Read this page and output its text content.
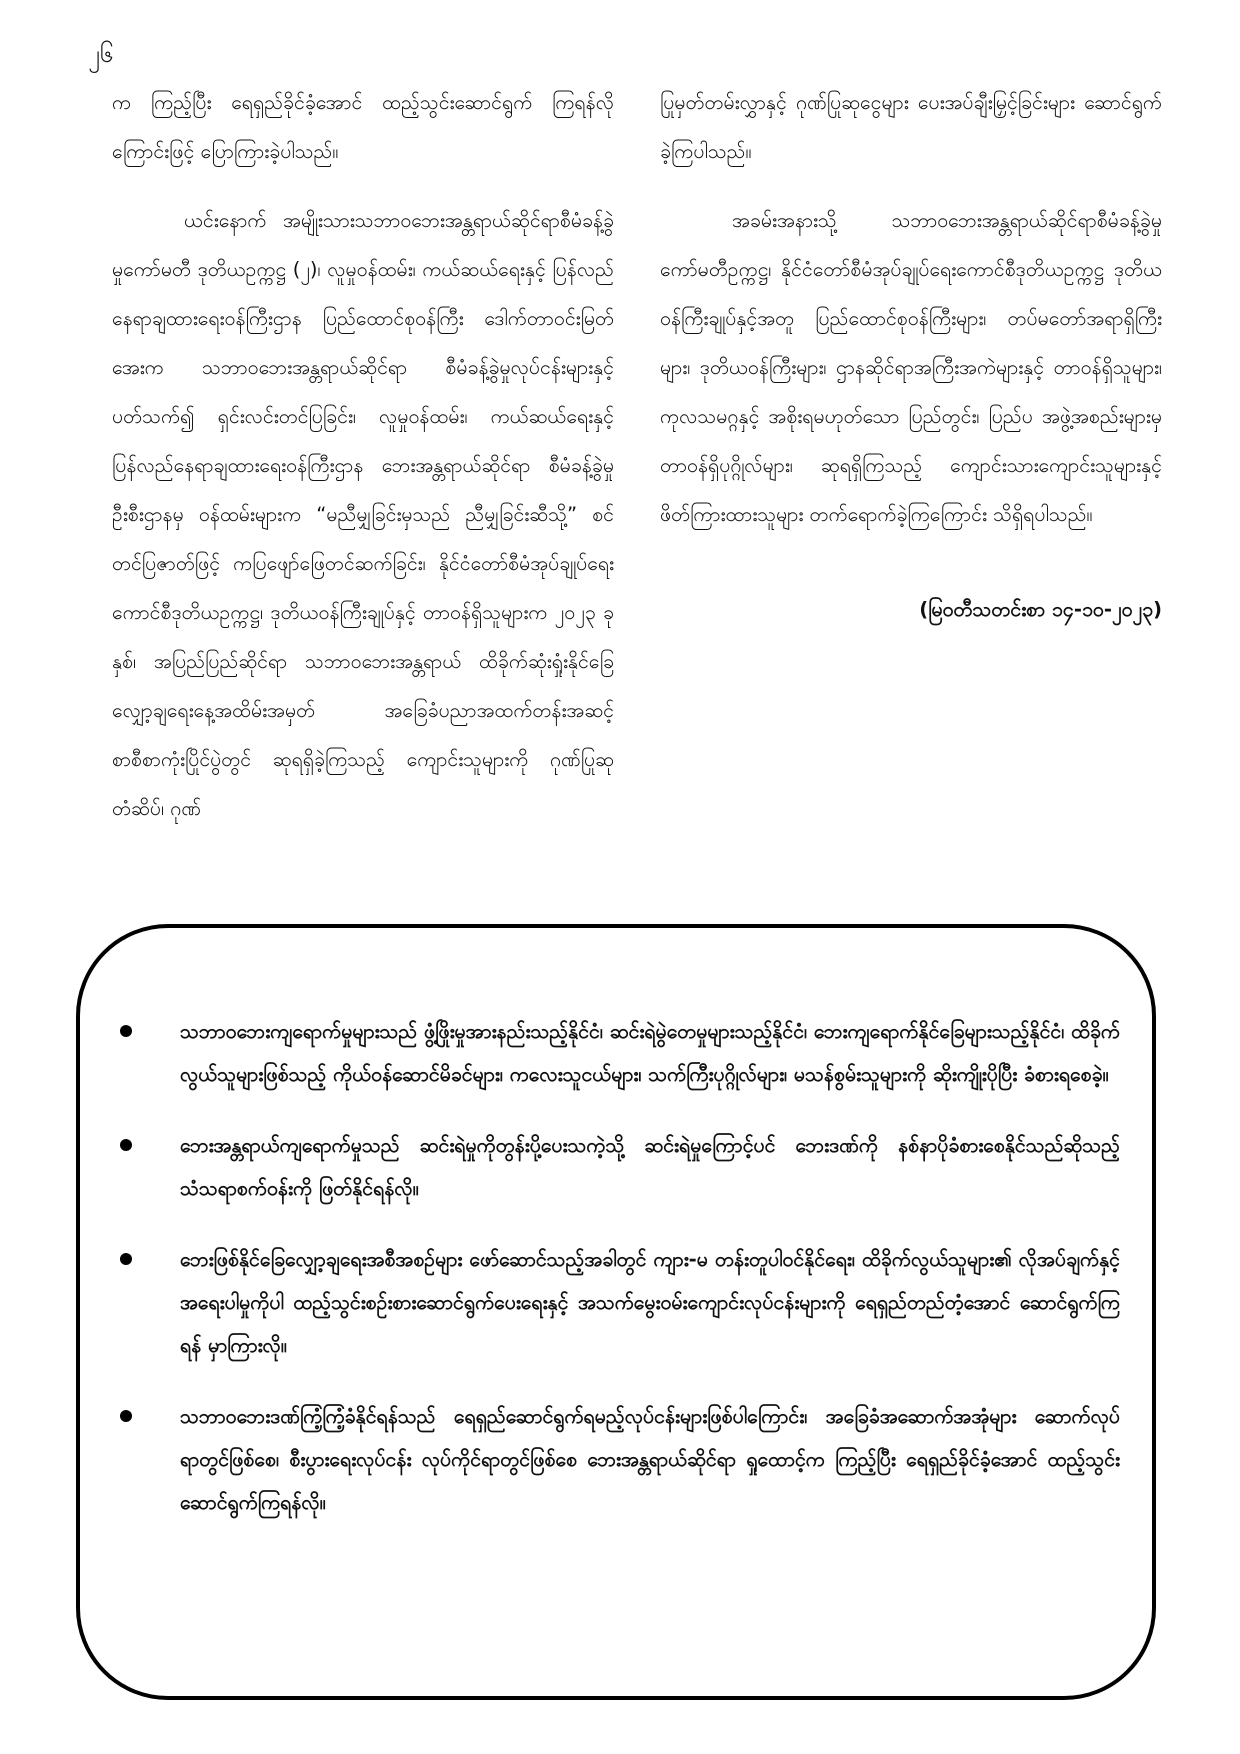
၂၆

က ကြည့်ပြီး ရေရှည်ခိုင်ခံ့အောင် ထည့်သွင်းဆောင်ရွက် ကြရန်လိုကြောင်းဖြင့် ပြောကြားခဲ့ပါသည်။

ယင်းနောက် အမျိုးသားသဘာဝဘေးအန္တရာယ်ဆိုင်ရာစီမံခန့်ခွဲမှုကော်မတီ ဒုတိယဥက္ကဋ္ဌ (၂)၊ လူမှုဝန်ထမ်း၊ ကယ်ဆယ်ရေးနှင့် ပြန်လည်နေရာချထားရေးဝန်ကြီးဌာန ပြည်ထောင်စုဝန်ကြီး ဒေါက်တာဝင်းမြတ်အေးက သဘာဝဘေးအန္တရာယ်ဆိုင်ရာ စီမံခန့်ခွဲမှုလုပ်ငန်းများနှင့်ပတ်သက်၍ ရှင်းလင်းတင်ပြခြင်း၊ လူမှုဝန်ထမ်း၊ ကယ်ဆယ်ရေးနှင့် ပြန်လည်နေရာချထားရေးဝန်ကြီးဌာန ဘေးအန္တရာယ်ဆိုင်ရာ စီမံခန့်ခွဲမှုဦးစီးဌာနမှ ဝန်ထမ်းများက “မညီမျှခြင်းမှသည် ညီမျှခြင်းဆီသို့” စင်တင်ပြဇာတ်ဖြင့် ကပြဖျော်ဖြေတင်ဆက်ခြင်း၊ နိုင်ငံတော်စီမံအုပ်ချုပ်ရေးကောင်စီဒုတိယဥက္ကဋ္ဌ၊ ဒုတိယဝန်ကြီးချုပ်နှင့် တာဝန်ရှိသူများက ၂၀၂၃ ခုနှစ်၊ အပြည်ပြည်ဆိုင်ရာ သဘာဝဘေးအန္တရာယ် ထိခိုက်ဆုံးရှုံးနိုင်ခြေလျှော့ချရေးနေ့အထိမ်းအမှတ် အခြေခံပညာအထက်တန်းအဆင့် စာစီစာကုံးပြိုင်ပွဲတွင် ဆုရရှိခဲ့ကြသည့် ကျောင်းသူများကို ဂုဏ်ပြုဆုတံဆိပ်၊ ဂုဏ်

ပြုမှတ်တမ်းလွှာနှင့် ဂုဏ်ပြုဆုငွေများ ပေးအပ်ချီးမြှင့်ခြင်းများ ဆောင်ရွက်ခဲ့ကြပါသည်။

အခမ်းအနားသို့ သဘာဝဘေးအန္တရာယ်ဆိုင်ရာစီမံခန့်ခွဲမှုကော်မတီဥက္ကဋ္ဌ၊ နိုင်ငံတော်စီမံအုပ်ချုပ်ရေးကောင်စီဒုတိယဥက္ကဋ္ဌ ဒုတိယဝန်ကြီးချုပ်နှင့်အတူ ပြည်ထောင်စုဝန်ကြီးများ၊ တပ်မတော်အရာရှိကြီးများ၊ ဒုတိယဝန်ကြီးများ၊ ဌာနဆိုင်ရာအကြီးအကဲများနှင့် တာဝန်ရှိသူများ၊ ကုလသမဂ္ဂနှင့် အစိုးရမဟုတ်သော ပြည်တွင်း၊ ပြည်ပ အဖွဲ့အစည်းများမှ တာဝန်ရှိပုဂ္ဂိုလ်များ၊ ဆုရရှိကြသည့် ကျောင်းသားကျောင်းသူများနှင့် ဖိတ်ကြားထားသူများ တက်ရောက်ခဲ့ကြကြောင်း သိရှိရပါသည်။

(မြဝတီသတင်းစာ ၁၄-၁၀-၂၀၂၃)
သဘာဝဘေးကျရောက်မှုများသည် ဖွံ့ဖြိုးမှုအားနည်းသည့်နိုင်ငံ၊ ဆင်းရဲမွဲတေမှုများသည့်နိုင်ငံ၊ ဘေးကျရောက်နိုင်ခြေများသည့်နိုင်ငံ၊ ထိခိုက်လွယ်သူများဖြစ်သည့် ကိုယ်ဝန်ဆောင်မိခင်များ၊ ကလေးသူငယ်များ၊ သက်ကြီးပုဂ္ဂိုလ်များ၊ မသန်စွမ်းသူများကို ဆိုးကျိုးပိုပြီး ခံစားရစေခဲ့။
ဘေးအန္တရာယ်ကျရောက်မှုသည် ဆင်းရဲမှုကိုတွန်းပို့ပေးသကဲ့သို့ ဆင်းရဲမှုကြောင့်ပင် ဘေးဒဏ်ကို နစ်နာပိုခံစားစေနိုင်သည်ဆိုသည့် သံသရာစက်ဝန်းကို ဖြတ်နိုင်ရန်လို။
ဘေးဖြစ်နိုင်ခြေလျှော့ချရေးအစီအစဉ်များ ဖော်ဆောင်သည့်အခါတွင် ကျား-မ တန်းတူပါဝင်နိုင်ရေး၊ ထိခိုက်လွယ်သူများ၏ လိုအပ်ချက်နှင့် အရေးပါမှုကိုပါ ထည့်သွင်းစဉ်းစားဆောင်ရွက်ပေးရေးနှင့် အသက်မွေးဝမ်းကျောင်းလုပ်ငန်းများကို ရေရှည်တည်တံ့အောင် ဆောင်ရွက်ကြရန် မှာကြားလို။
သဘာဝဘေးဒဏ်ကြံ့ကြံ့ခံနိုင်ရန်သည် ရေရှည်ဆောင်ရွက်ရမည့်လုပ်ငန်းများဖြစ်ပါကြောင်း၊ အခြေခံအဆောက်အအုံများ ဆောက်လုပ်ရာတွင်ဖြစ်စေ၊ စီးပွားရေးလုပ်ငန်း လုပ်ကိုင်ရာတွင်ဖြစ်စေ ဘေးအန္တရာယ်ဆိုင်ရာ ရှုထောင့်က ကြည့်ပြီး ရေရှည်ခိုင်ခံ့အောင် ထည့်သွင်းဆောင်ရွက်ကြရန်လို။
